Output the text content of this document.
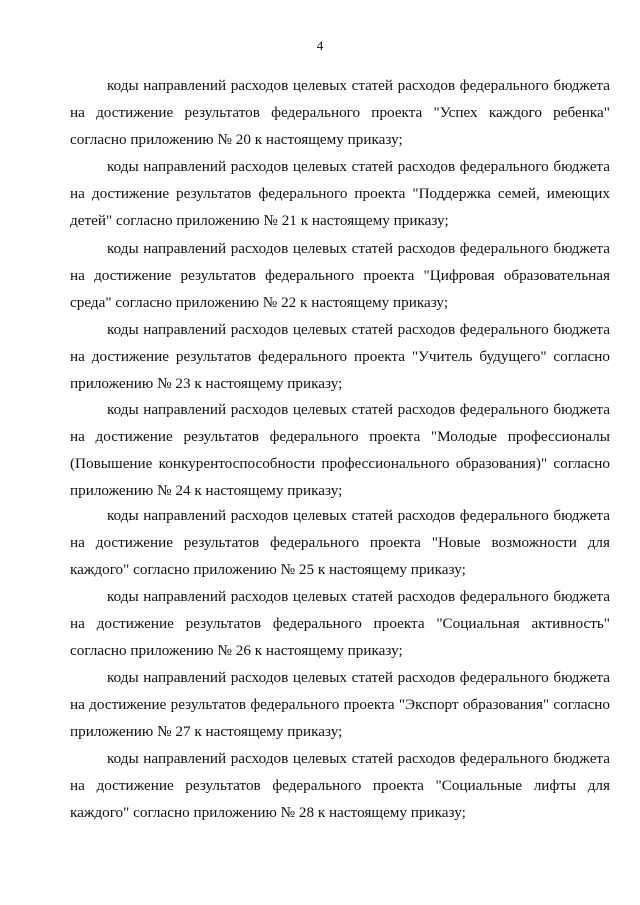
4
коды направлений расходов целевых статей расходов федерального бюджета
на достижение результатов федерального проекта "Успех каждого ребенка"
согласно приложению № 20 к настоящему приказу;
коды направлений расходов целевых статей расходов федерального бюджета
на достижение результатов федерального проекта "Поддержка семей, имеющих
детей" согласно приложению № 21 к настоящему приказу;
коды направлений расходов целевых статей расходов федерального бюджета
на достижение результатов федерального проекта "Цифровая образовательная
среда" согласно приложению № 22 к настоящему приказу;
коды направлений расходов целевых статей расходов федерального бюджета
на достижение результатов федерального проекта "Учитель будущего" согласно
приложению № 23 к настоящему приказу;
коды направлений расходов целевых статей расходов федерального бюджета
на достижение результатов федерального проекта "Молодые профессионалы
(Повышение конкурентоспособности профессионального образования)" согласно
приложению № 24 к настоящему приказу;
коды направлений расходов целевых статей расходов федерального бюджета
на достижение результатов федерального проекта "Новые возможности для
каждого" согласно приложению № 25 к настоящему приказу;
коды направлений расходов целевых статей расходов федерального бюджета
на достижение результатов федерального проекта "Социальная активность"
согласно приложению № 26 к настоящему приказу;
коды направлений расходов целевых статей расходов федерального бюджета
на достижение результатов федерального проекта "Экспорт образования" согласно
приложению № 27 к настоящему приказу;
коды направлений расходов целевых статей расходов федерального бюджета
на достижение результатов федерального проекта "Социальные лифты для
каждого" согласно приложению № 28 к настоящему приказу;
